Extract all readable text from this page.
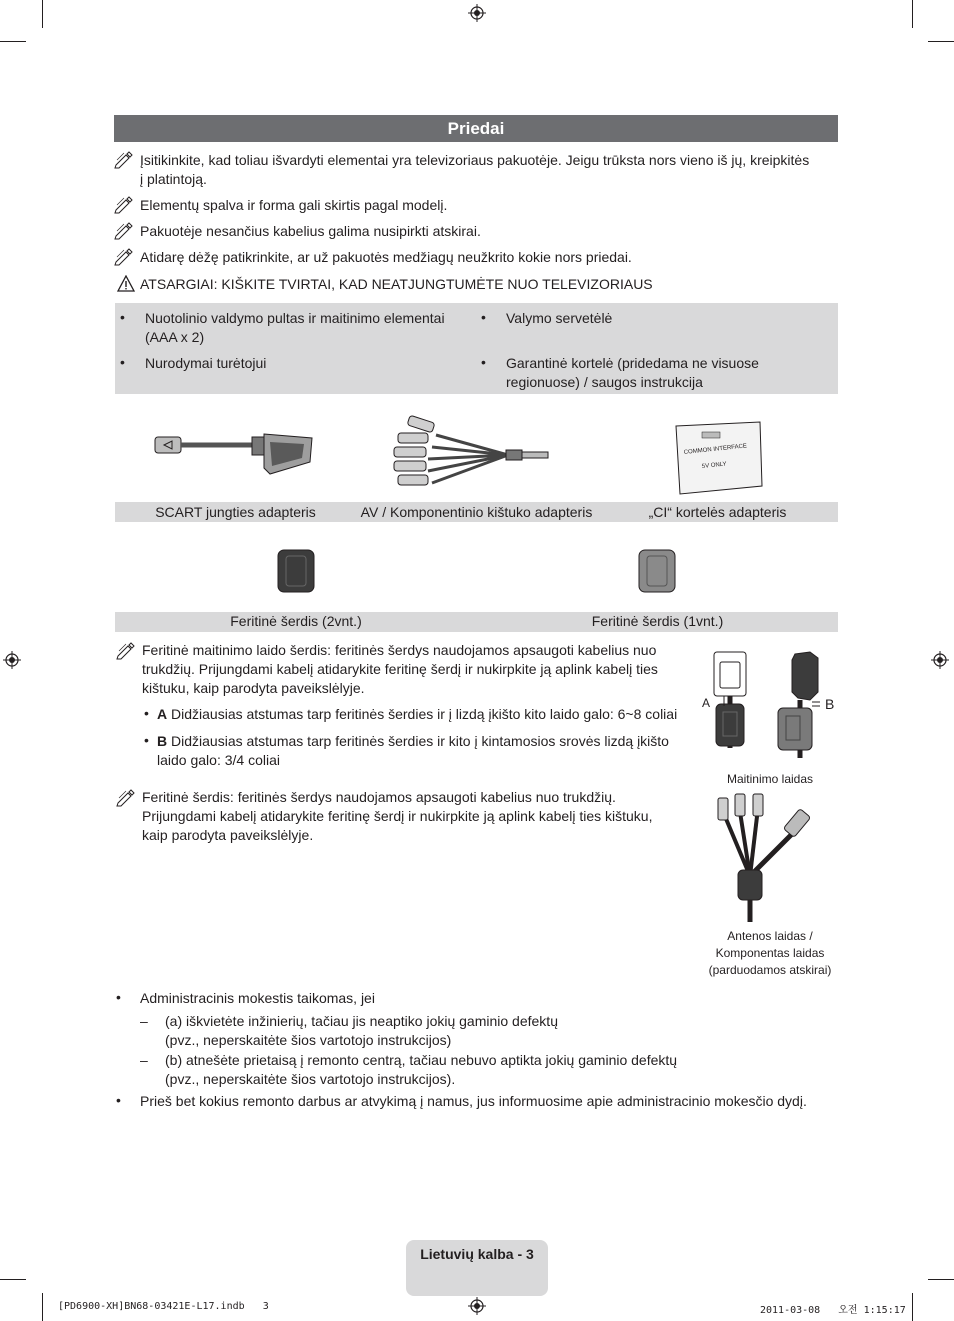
Priedai
Įsitikinkite, kad toliau išvardyti elementai yra televizoriaus pakuotėje. Jeigu trūksta nors vieno iš jų, kreipkitės
į platintoją.
Elementų spalva ir forma gali skirtis pagal modelį.
Pakuotėje nesančius kabelius galima nusipirkti atskirai.
Atidarę dėžę patikrinkite, ar už pakuotės medžiagų neužkrito kokie nors priedai.
ATSARGIAI: KIŠKITE TVIRTAI, KAD NEATJUNGTUMĖTE NUO TELEVIZORIAUS
• Nuotolinio valdymo pultas ir maitinimo elementai
(AAA x 2)
• Nurodymai turėtojui
• Valymo servetėlė
• Garantinė kortelė (pridedama ne visuose
regionuose) / saugos instrukcija
COMMON INTERFACE
5V ONLY
SCART jungties adapteris	AV / Komponentinio kištuko adapteris	„CI“ kortelės adapteris
Feritinė šerdis (2vnt.)	Feritinė šerdis (1vnt.)
Feritinė maitinimo laido šerdis: feritinės šerdys naudojamos apsaugoti kabelius nuo
trukdžių. Prijungdami kabelį atidarykite feritinę šerdį ir nukirpkite ją aplink kabelį ties
kištuku, kaip parodyta paveikslėlyje.
• A Didžiausias atstumas tarp feritinės šerdies ir į lizdą įkišto kito laido galo: 6~8 coliai
• B Didžiausias atstumas tarp feritinės šerdies ir kito į kintamosios srovės lizdą įkišto
laido galo: 3/4 coliai
A	B
Maitinimo laidas
Feritinė šerdis: feritinės šerdys naudojamos apsaugoti kabelius nuo trukdžių.
Prijungdami kabelį atidarykite feritinę šerdį ir nukirpkite ją aplink kabelį ties kištuku,
kaip parodyta paveikslėlyje.
Antenos laidas /
Komponentas laidas
(parduodamos atskirai)
• Administracinis mokestis taikomas, jei
– (a) iškvietėte inžinierių, tačiau jis neaptiko jokių gaminio defektų
(pvz., neperskaitėte šios vartotojo instrukcijos)
– (b) atnešėte prietaisą į remonto centrą, tačiau nebuvo aptikta jokių gaminio defektų
(pvz., neperskaitėte šios vartotojo instrukcijos).
• Prieš bet kokius remonto darbus ar atvykimą į namus, jus informuosime apie administracinio mokesčio dydį.
Lietuvių kalba - 3
[PD6900-XH]BN68-03421E-L17.indb   3	2011-03-08   오전 1:15:17
